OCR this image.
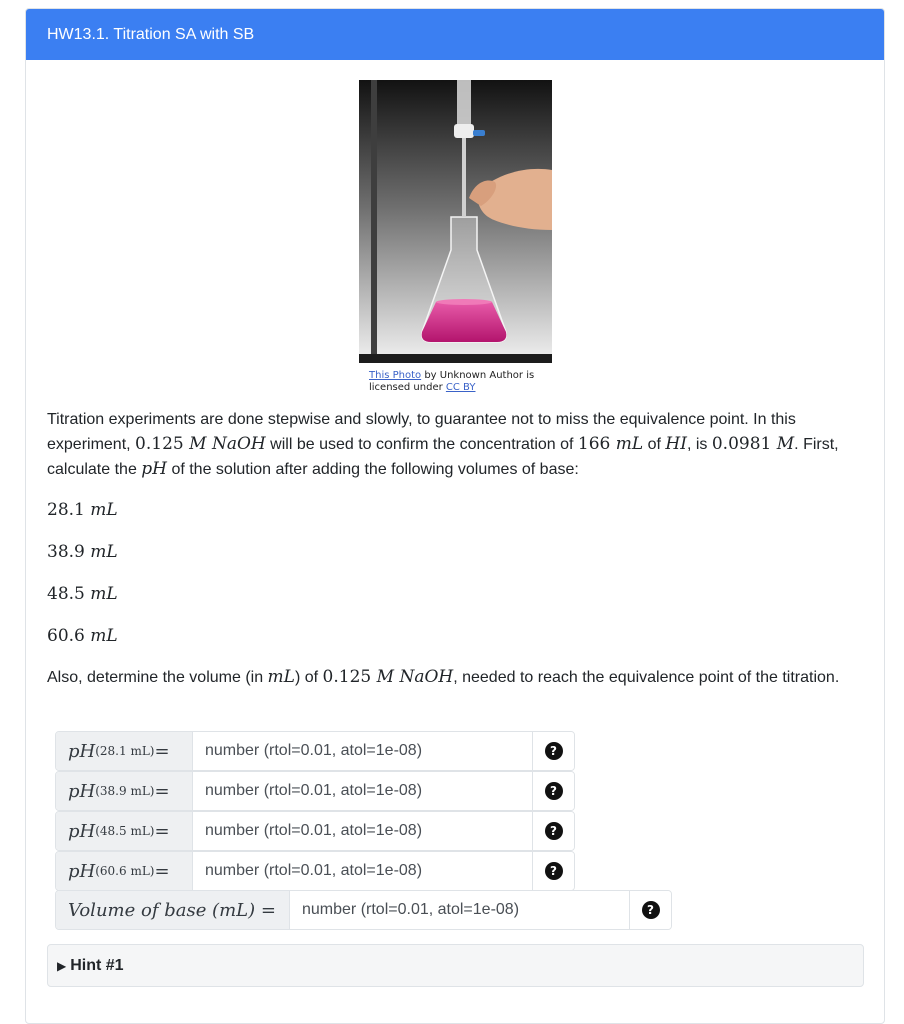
HW13.1. Titration SA with SB
This Photo by Unknown Author is licensed under CC BY
Titration experiments are done stepwise and slowly, to guarantee not to miss the equivalence point. In this experiment, 0.125 M NaOH will be used to confirm the concentration of 166 mL of HI, is 0.0981 M. First, calculate the pH of the solution after adding the following volumes of base:
28.1 mL
38.9 mL
48.5 mL
60.6 mL
Also, determine the volume (in mL) of 0.125 M NaOH, needed to reach the equivalence point of the titration.
pH (28.1 mL) =
number (rtol=0.01, atol=1e-08)	?
pH (38.9 mL) =
number (rtol=0.01, atol=1e-08)	?
pH (48.5 mL) =
number (rtol=0.01, atol=1e-08)	?
pH (60.6 mL) =
number (rtol=0.01, atol=1e-08)	?
Volume of base (mL) =
number (rtol=0.01, atol=1e-08)	?
▶ Hint #1
